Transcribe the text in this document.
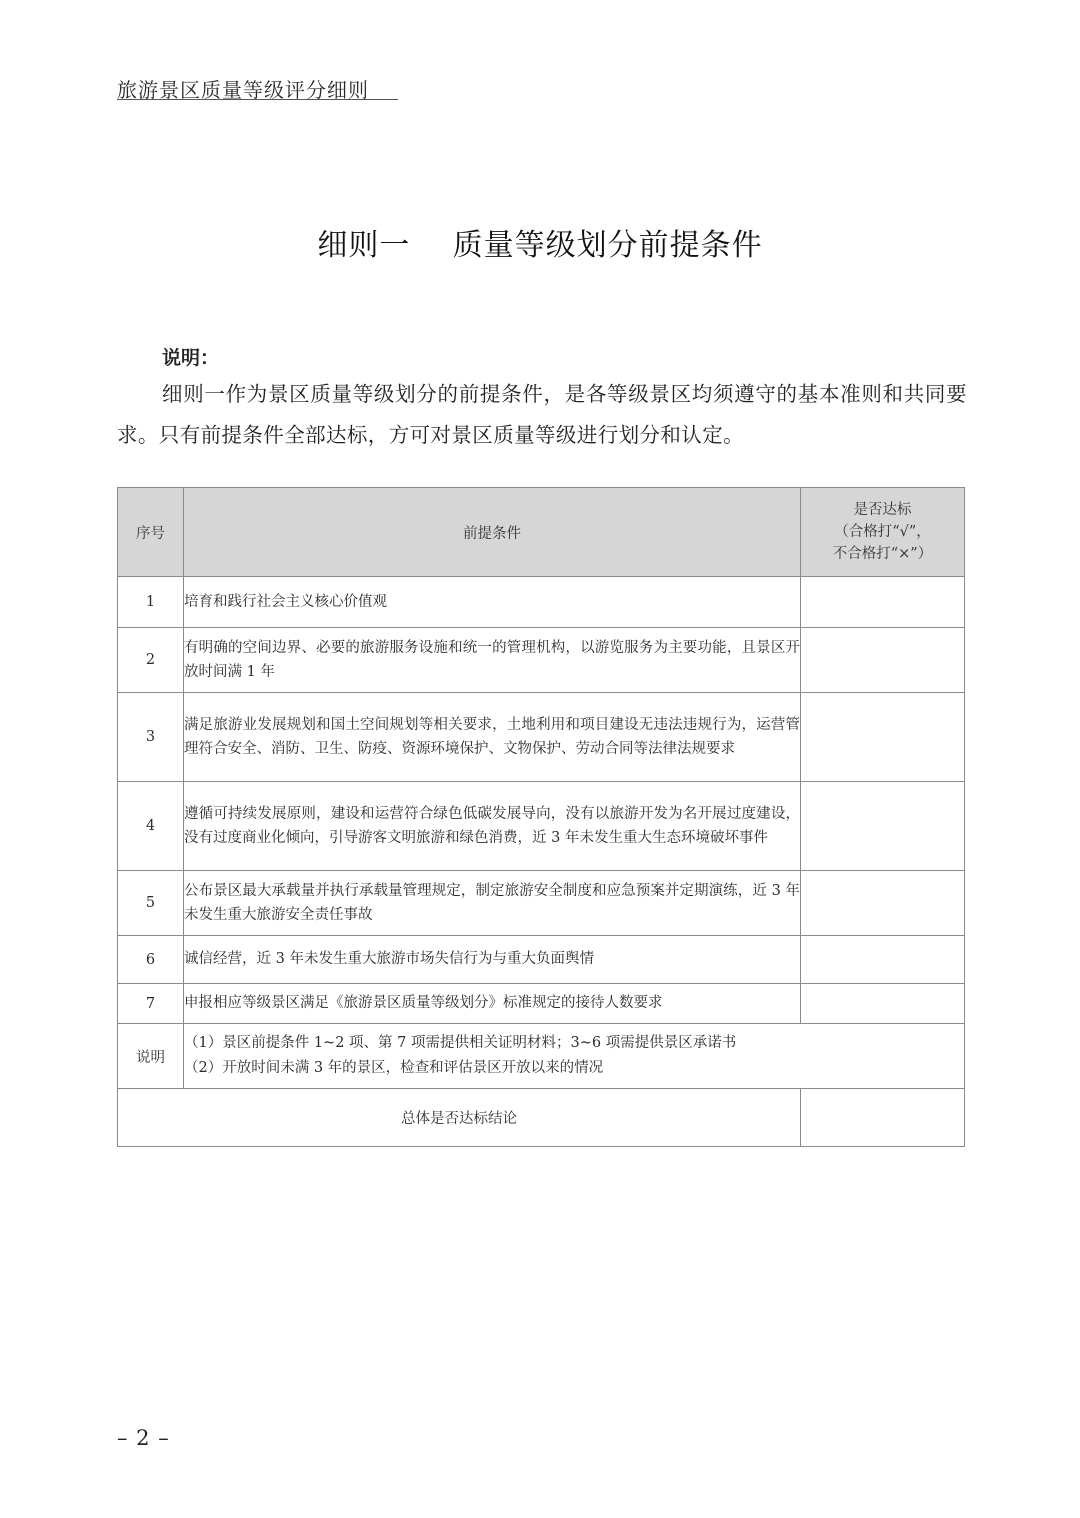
旅游景区质量等级评分细则
细则一    质量等级划分前提条件
说明：
细则一作为景区质量等级划分的前提条件，是各等级景区均须遵守的基本准则和共同要求。只有前提条件全部达标，方可对景区质量等级进行划分和认定。
序号	前提条件	是否达标
（合格打“√”，
不合格打“×”）

1	培育和践行社会主义核心价值观	
2	有明确的空间边界、必要的旅游服务设施和统一的管理机构，以游览服务为主要功能，且景区开放时间满 1 年	
3	满足旅游业发展规划和国土空间规划等相关要求，土地利用和项目建设无违法违规行为，运营管理符合安全、消防、卫生、防疫、资源环境保护、文物保护、劳动合同等法律法规要求	
4	遵循可持续发展原则，建设和运营符合绿色低碳发展导向，没有以旅游开发为名开展过度建设，没有过度商业化倾向，引导游客文明旅游和绿色消费，近 3 年未发生重大生态环境破坏事件	
5	公布景区最大承载量并执行承载量管理规定，制定旅游安全制度和应急预案并定期演练，近 3 年未发生重大旅游安全责任事故	
6	诚信经营，近 3 年未发生重大旅游市场失信行为与重大负面舆情	
7	申报相应等级景区满足《旅游景区质量等级划分》标准规定的接待人数要求	
说明	（1）景区前提条件 1~2 项、第 7 项需提供相关证明材料；3~6 项需提供景区承诺书
（2）开放时间未满 3 年的景区，检查和评估景区开放以来的情况	

总体是否达标结论		
– 2 –
